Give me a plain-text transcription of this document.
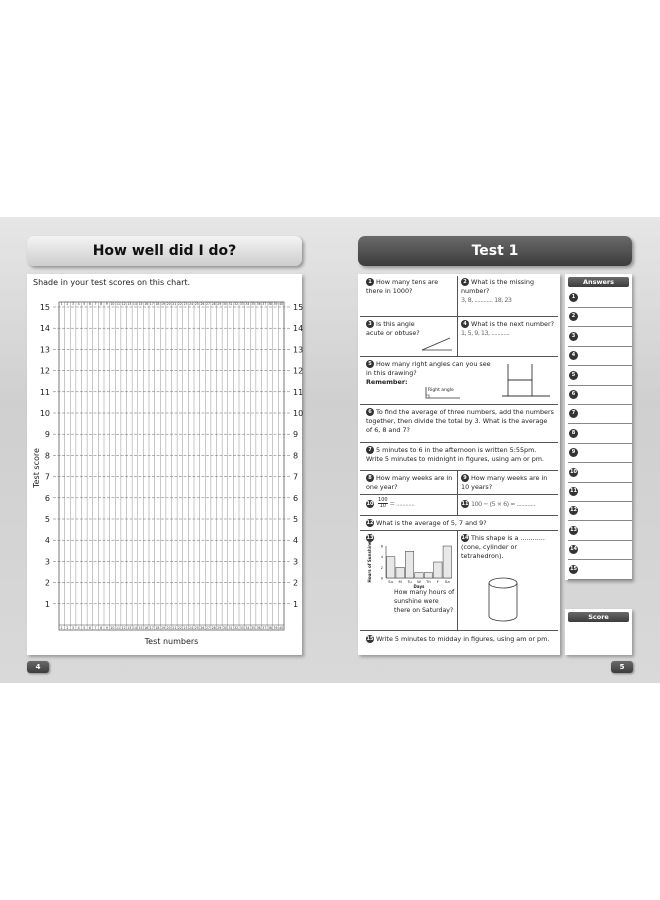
How well did I do?
Shade in your test scores on this chart.
1	1
2	2
3	3
4	4
5	5
6	6
7	7
8	8
9	9
10	10
11	11
12	12
13	13
14	14
15	15
1
1
2
2
3
3
4
4
5
5
6
6
7
7
8
8
9
9
10
10
11
11
12
12
13
13
14
14
15
15
16
16
17
17
18
18
19
19
20
20
21
21
22
22
23
23
24
24
25
25
26
26
27
27
28
28
29
29
30
30
31
31
32
32
33
33
34
34
35
35
36
36
37
37
38
38
39
39
40
40
Test numbers
Test score
4
Test 1
1 How many tens are there in 1000?
2 What is the missing number?
3, 8, ............ 18, 23
3 Is this angle acute or obtuse?
4 What is the next number?
1, 5, 9, 13, ............
5 How many right angles can you see in this drawing?
Remember:
Right angle
6 To find the average of three numbers, add the numbers together, then divide the total by 3. What is the average of 6, 8 and 7?
7 5 minutes to 6 in the afternoon is written 5:55pm. Write 5 minutes to midnight in figures, using am or pm.
8 How many weeks are in one year?
9 How many weeks are in 10 years?
$10 \frac{100}{10}$ = ............	11 100 − (5 × 6) = ............
12 What is the average of 5, 7 and 9?
13
Hours of Sunshine	0
2
4
6
Su M Tu W Th F Sa
Days
How many hours of sunshine were there on Saturday?
14 This shape is a ............ (cone, cylinder or tetrahedron).
15 Write 5 minutes to midday in figures, using am or pm.
Answers
1
2
3
4
5
6
7
8
9
10
11
12
13
14
15
Score
5
